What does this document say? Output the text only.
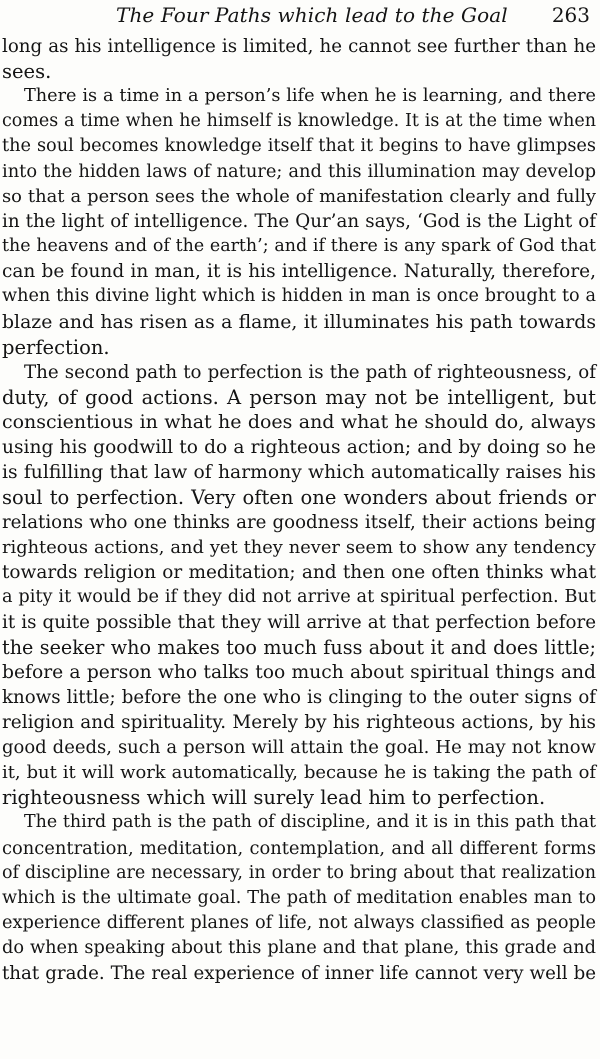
The Four Paths which lead to the Goal 263
long as his intelligence is limited, he cannot see further than he
sees.
There is a time in a person’s life when he is learning, and there
comes a time when he himself is knowledge. It is at the time when
the soul becomes knowledge itself that it begins to have glimpses
into the hidden laws of nature; and this illumination may develop
so that a person sees the whole of manifestation clearly and fully
in the light of intelligence. The Qur’an says, ‘God is the Light of
the heavens and of the earth’; and if there is any spark of God that
can be found in man, it is his intelligence. Naturally, therefore,
when this divine light which is hidden in man is once brought to a
blaze and has risen as a flame, it illuminates his path towards
perfection.
The second path to perfection is the path of righteousness, of
duty, of good actions. A person may not be intelligent, but
conscientious in what he does and what he should do, always
using his goodwill to do a righteous action; and by doing so he
is fulfilling that law of harmony which automatically raises his
soul to perfection. Very often one wonders about friends or
relations who one thinks are goodness itself, their actions being
righteous actions, and yet they never seem to show any tendency
towards religion or meditation; and then one often thinks what
a pity it would be if they did not arrive at spiritual perfection. But
it is quite possible that they will arrive at that perfection before
the seeker who makes too much fuss about it and does little;
before a person who talks too much about spiritual things and
knows little; before the one who is clinging to the outer signs of
religion and spirituality. Merely by his righteous actions, by his
good deeds, such a person will attain the goal. He may not know
it, but it will work automatically, because he is taking the path of
righteousness which will surely lead him to perfection.
The third path is the path of discipline, and it is in this path that
concentration, meditation, contemplation, and all different forms
of discipline are necessary, in order to bring about that realization
which is the ultimate goal. The path of meditation enables man to
experience different planes of life, not always classified as people
do when speaking about this plane and that plane, this grade and
that grade. The real experience of inner life cannot very well be
